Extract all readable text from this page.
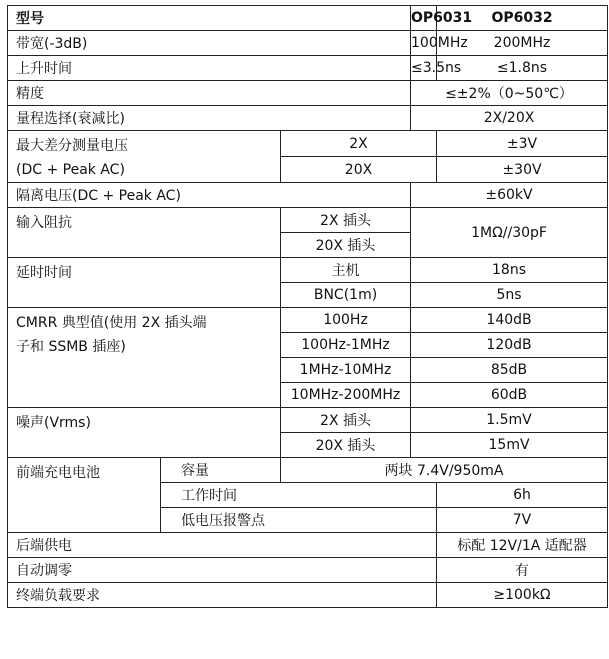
型号			OP6031	OP6032
带宽(-3dB)			100MHz	200MHz
上升时间			≤3.5ns	≤1.8ns
精度			≤±2%（0~50℃）	
量程选择(衰减比)			2X/20X	

最大差分测量电压
(DC + Peak AC)		2X		±3V
		20X		±30V
隔离电压(DC + Peak AC)			±60kV	
输入阻抗		2X 插头	1MΩ//30pF	
		20X 插头		
延时时间		主机	18ns	
		BNC(1m)	5ns	

CMRR 典型值(使用 2X 插头端
子和 SSMB 插座)		100Hz	140dB	
		100Hz-1MHz	120dB	
		1MHz-10MHz	85dB	
		10MHz-200MHz	60dB	
噪声(Vrms)		2X 插头	1.5mV	
		20X 插头	15mV	
前端充电电池	容量	两块 7.4V/950mA		
	工作时间			6h
	低电压报警点			7V
后端供电				标配 12V/1A 适配器
自动调零				有
终端负载要求				≥100kΩ
